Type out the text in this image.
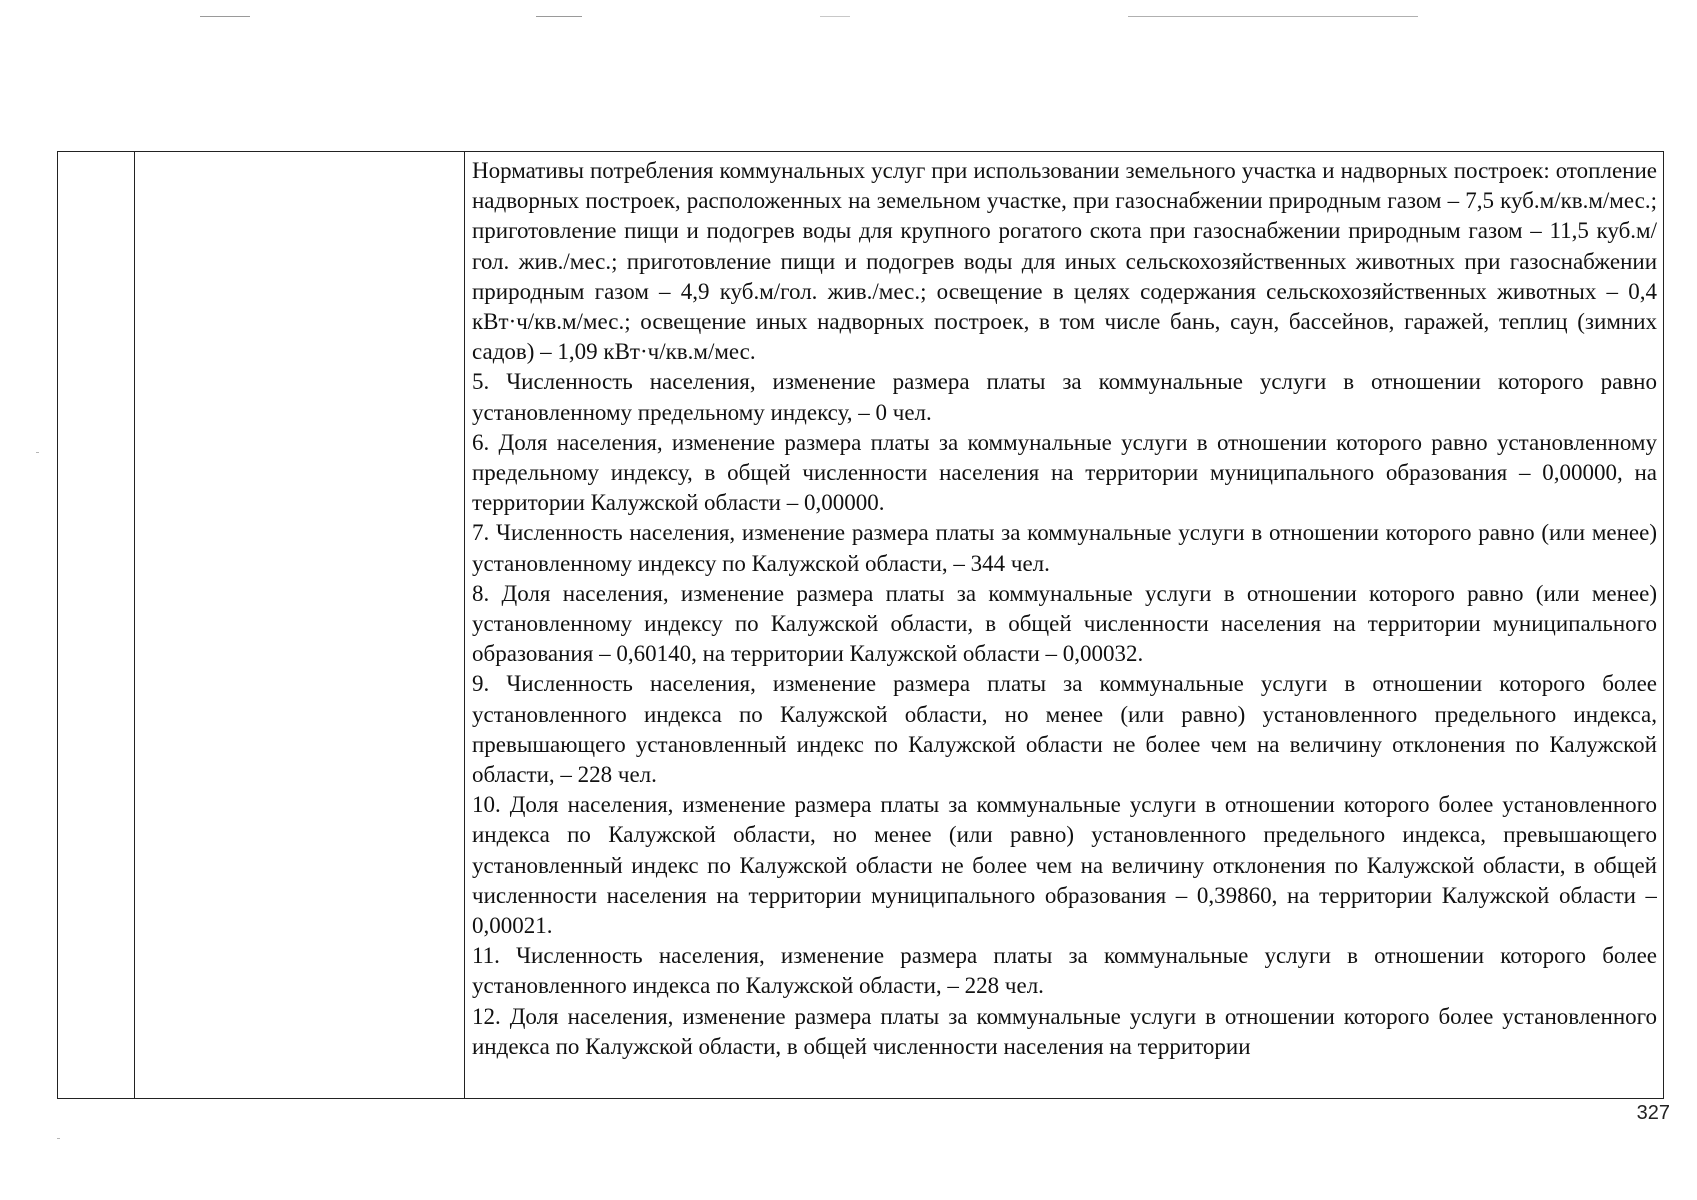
Нормативы потребления коммунальных услуг при использовании земельного участка и надворных построек: отопление надворных построек, расположенных на земельном участке, при газоснабжении природным газом – 7,5 куб.м/кв.м/мес.; приготовление пищи и подогрев воды для крупного рогатого скота при газоснабжении природным газом – 11,5 куб.м/гол. жив./мес.; приготовление пищи и подогрев воды для иных сельскохозяйственных животных при газоснабжении природным газом – 4,9 куб.м/гол. жив./мес.; освещение в целях содержания сельскохозяйственных животных – 0,4 кВт·ч/кв.м/мес.; освещение иных надворных построек, в том числе бань, саун, бассейнов, гаражей, теплиц (зимних садов) – 1,09 кВт·ч/кв.м/мес.

5. Численность населения, изменение размера платы за коммунальные услуги в отношении которого равно установленному предельному индексу, – 0 чел.

6. Доля населения, изменение размера платы за коммунальные услуги в отношении которого равно установленному предельному индексу, в общей численности населения на территории муниципального образования – 0,00000, на территории Калужской области – 0,00000.

7. Численность населения, изменение размера платы за коммунальные услуги в отношении которого равно (или менее) установленному индексу по Калужской области, – 344 чел.

8. Доля населения, изменение размера платы за коммунальные услуги в отношении которого равно (или менее) установленному индексу по Калужской области, в общей численности населения на территории муниципального образования – 0,60140, на территории Калужской области – 0,00032.

9. Численность населения, изменение размера платы за коммунальные услуги в отношении которого более установленного индекса по Калужской области, но менее (или равно) установленного предельного индекса, превышающего установленный индекс по Калужской области не более чем на величину отклонения по Калужской области, – 228 чел.

10. Доля населения, изменение размера платы за коммунальные услуги в отношении которого более установленного индекса по Калужской области, но менее (или равно) установленного предельного индекса, превышающего установленный индекс по Калужской области не более чем на величину отклонения по Калужской области, в общей численности населения на территории муниципального образования – 0,39860, на территории Калужской области – 0,00021.

11. Численность населения, изменение размера платы за коммунальные услуги в отношении которого более установленного индекса по Калужской области, – 228 чел.

12. Доля населения, изменение размера платы за коммунальные услуги в отношении которого более установленного индекса по Калужской области, в общей численности населения на территории

327
